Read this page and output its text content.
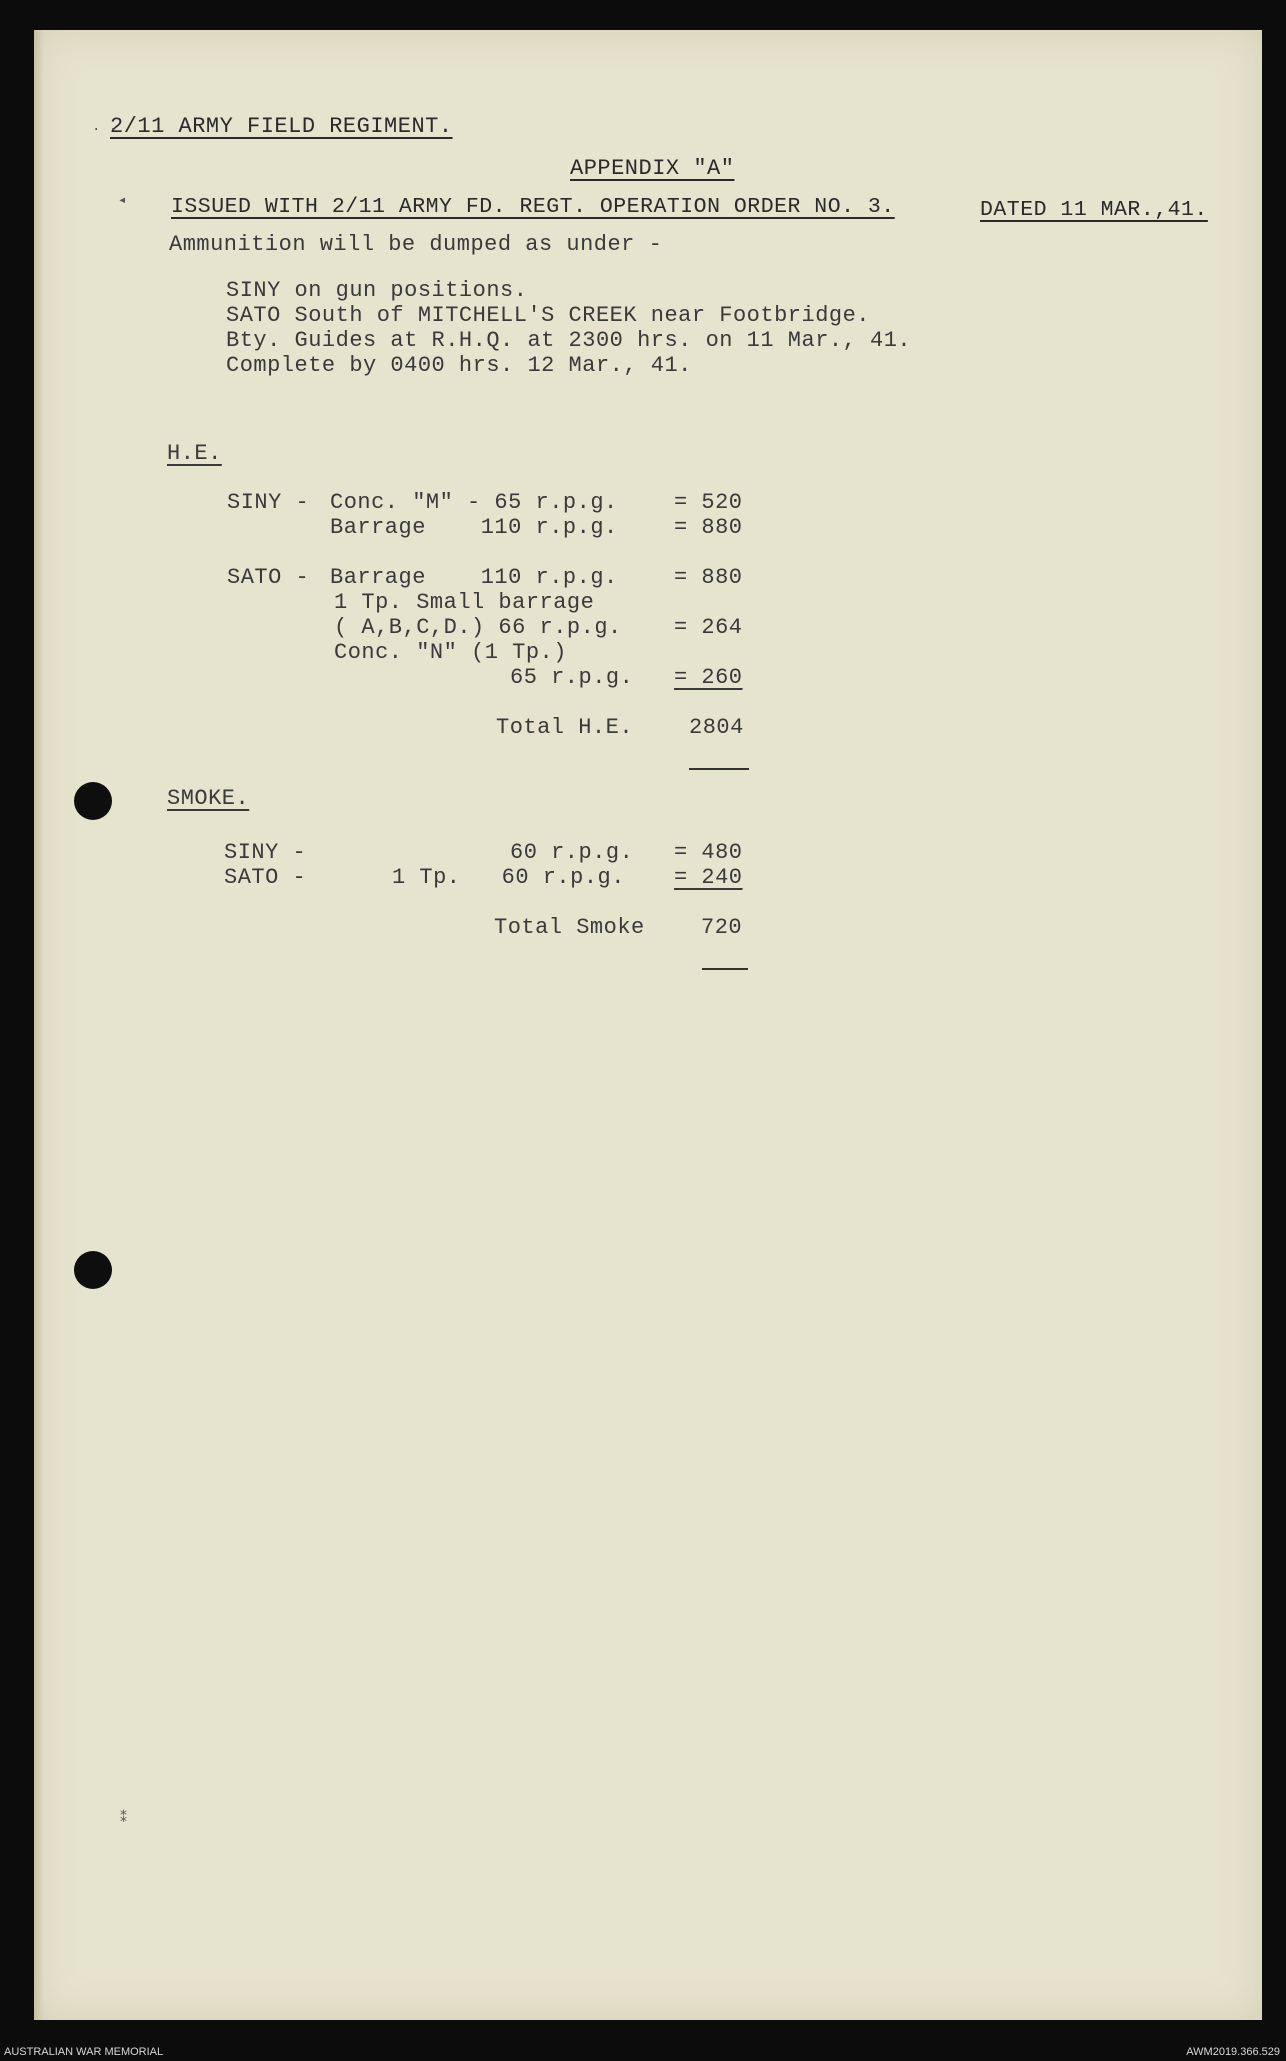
2/11 ARMY FIELD REGIMENT.
APPENDIX "A"
ISSUED WITH 2/11 ARMY FD. REGT. OPERATION ORDER NO. 3.	DATED 11 MAR.,41.
· ·
◂
⁑
Ammunition will be dumped as under -
SINY on gun positions.
SATO South of MITCHELL'S CREEK near Footbridge.
Bty. Guides at R.H.Q. at 2300 hrs. on 11 Mar., 41.
Complete by 0400 hrs. 12 Mar., 41.
H.E.
SINY - Conc. "M" - 65 r.p.g.	= 520
Barrage    110 r.p.g.	= 880
SATO - Barrage    110 r.p.g.	= 880
1 Tp. Small barrage
( A,B,C,D.) 66 r.p.g. = 264
Conc. "N" (1 Tp.)
65 r.p.g. = 260
Total H.E.	2804
SMOKE.
SINY -	60 r.p.g. = 480
SATO -	1 Tp.   60 r.p.g. = 240
Total Smoke	720
AUSTRALIAN WAR MEMORIAL	AWM2019.366.529
